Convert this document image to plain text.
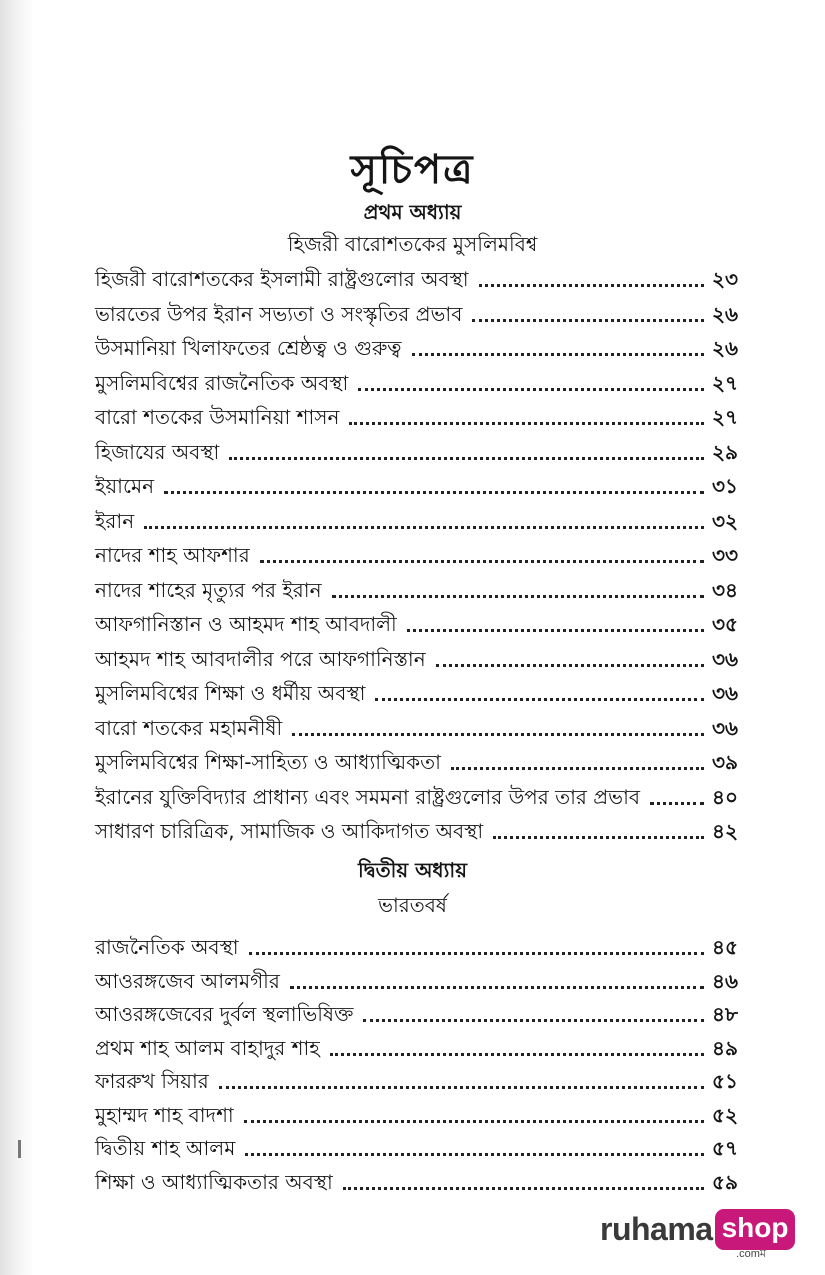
সূচিপত্র
প্রথম অধ্যায়
হিজরী বারোশতকের মুসলিমবিশ্ব
দ্বিতীয় অধ্যায়
ভারতবর্ষ
হিজরী বারোশতকের ইসলামী রাষ্ট্রগুলোর অবস্থা	২৩
ভারতের উপর ইরান সভ্যতা ও সংস্কৃতির প্রভাব	২৬
উসমানিয়া খিলাফতের শ্রেষ্ঠত্ব ও গুরুত্ব	২৬
মুসলিমবিশ্বের রাজনৈতিক অবস্থা	২৭
বারো শতকের উসমানিয়া শাসন	২৭
হিজাযের অবস্থা	২৯
ইয়ামেন	৩১
ইরান	৩২
নাদের শাহ আফশার	৩৩
নাদের শাহের মৃত্যুর পর ইরান	৩৪
আফগানিস্তান ও আহমদ শাহ আবদালী	৩৫
আহমদ শাহ আবদালীর পরে আফগানিস্তান	৩৬
মুসলিমবিশ্বের শিক্ষা ও ধর্মীয় অবস্থা	৩৬
বারো শতকের মহামনীষী	৩৬
মুসলিমবিশ্বের শিক্ষা-সাহিত্য ও আধ্যাত্মিকতা	৩৯
ইরানের যুক্তিবিদ্যার প্রাধান্য এবং সমমনা রাষ্ট্রগুলোর উপর তার প্রভাব	৪০
সাধারণ চারিত্রিক, সামাজিক ও আকিদাগত অবস্থা	৪২
রাজনৈতিক অবস্থা	৪৫
আওরঙ্গজেব আলমগীর	৪৬
আওরঙ্গজেবের দুর্বল স্থলাভিষিক্ত	৪৮
প্রথম শাহ আলম বাহাদুর শাহ	৪৯
ফাররুখ সিয়ার	৫১
মুহাম্মদ শাহ বাদশা	৫২
দ্বিতীয় শাহ আলম	৫৭
শিক্ষা ও আধ্যাত্মিকতার অবস্থা	৫৯
ruhama shop
.comম
